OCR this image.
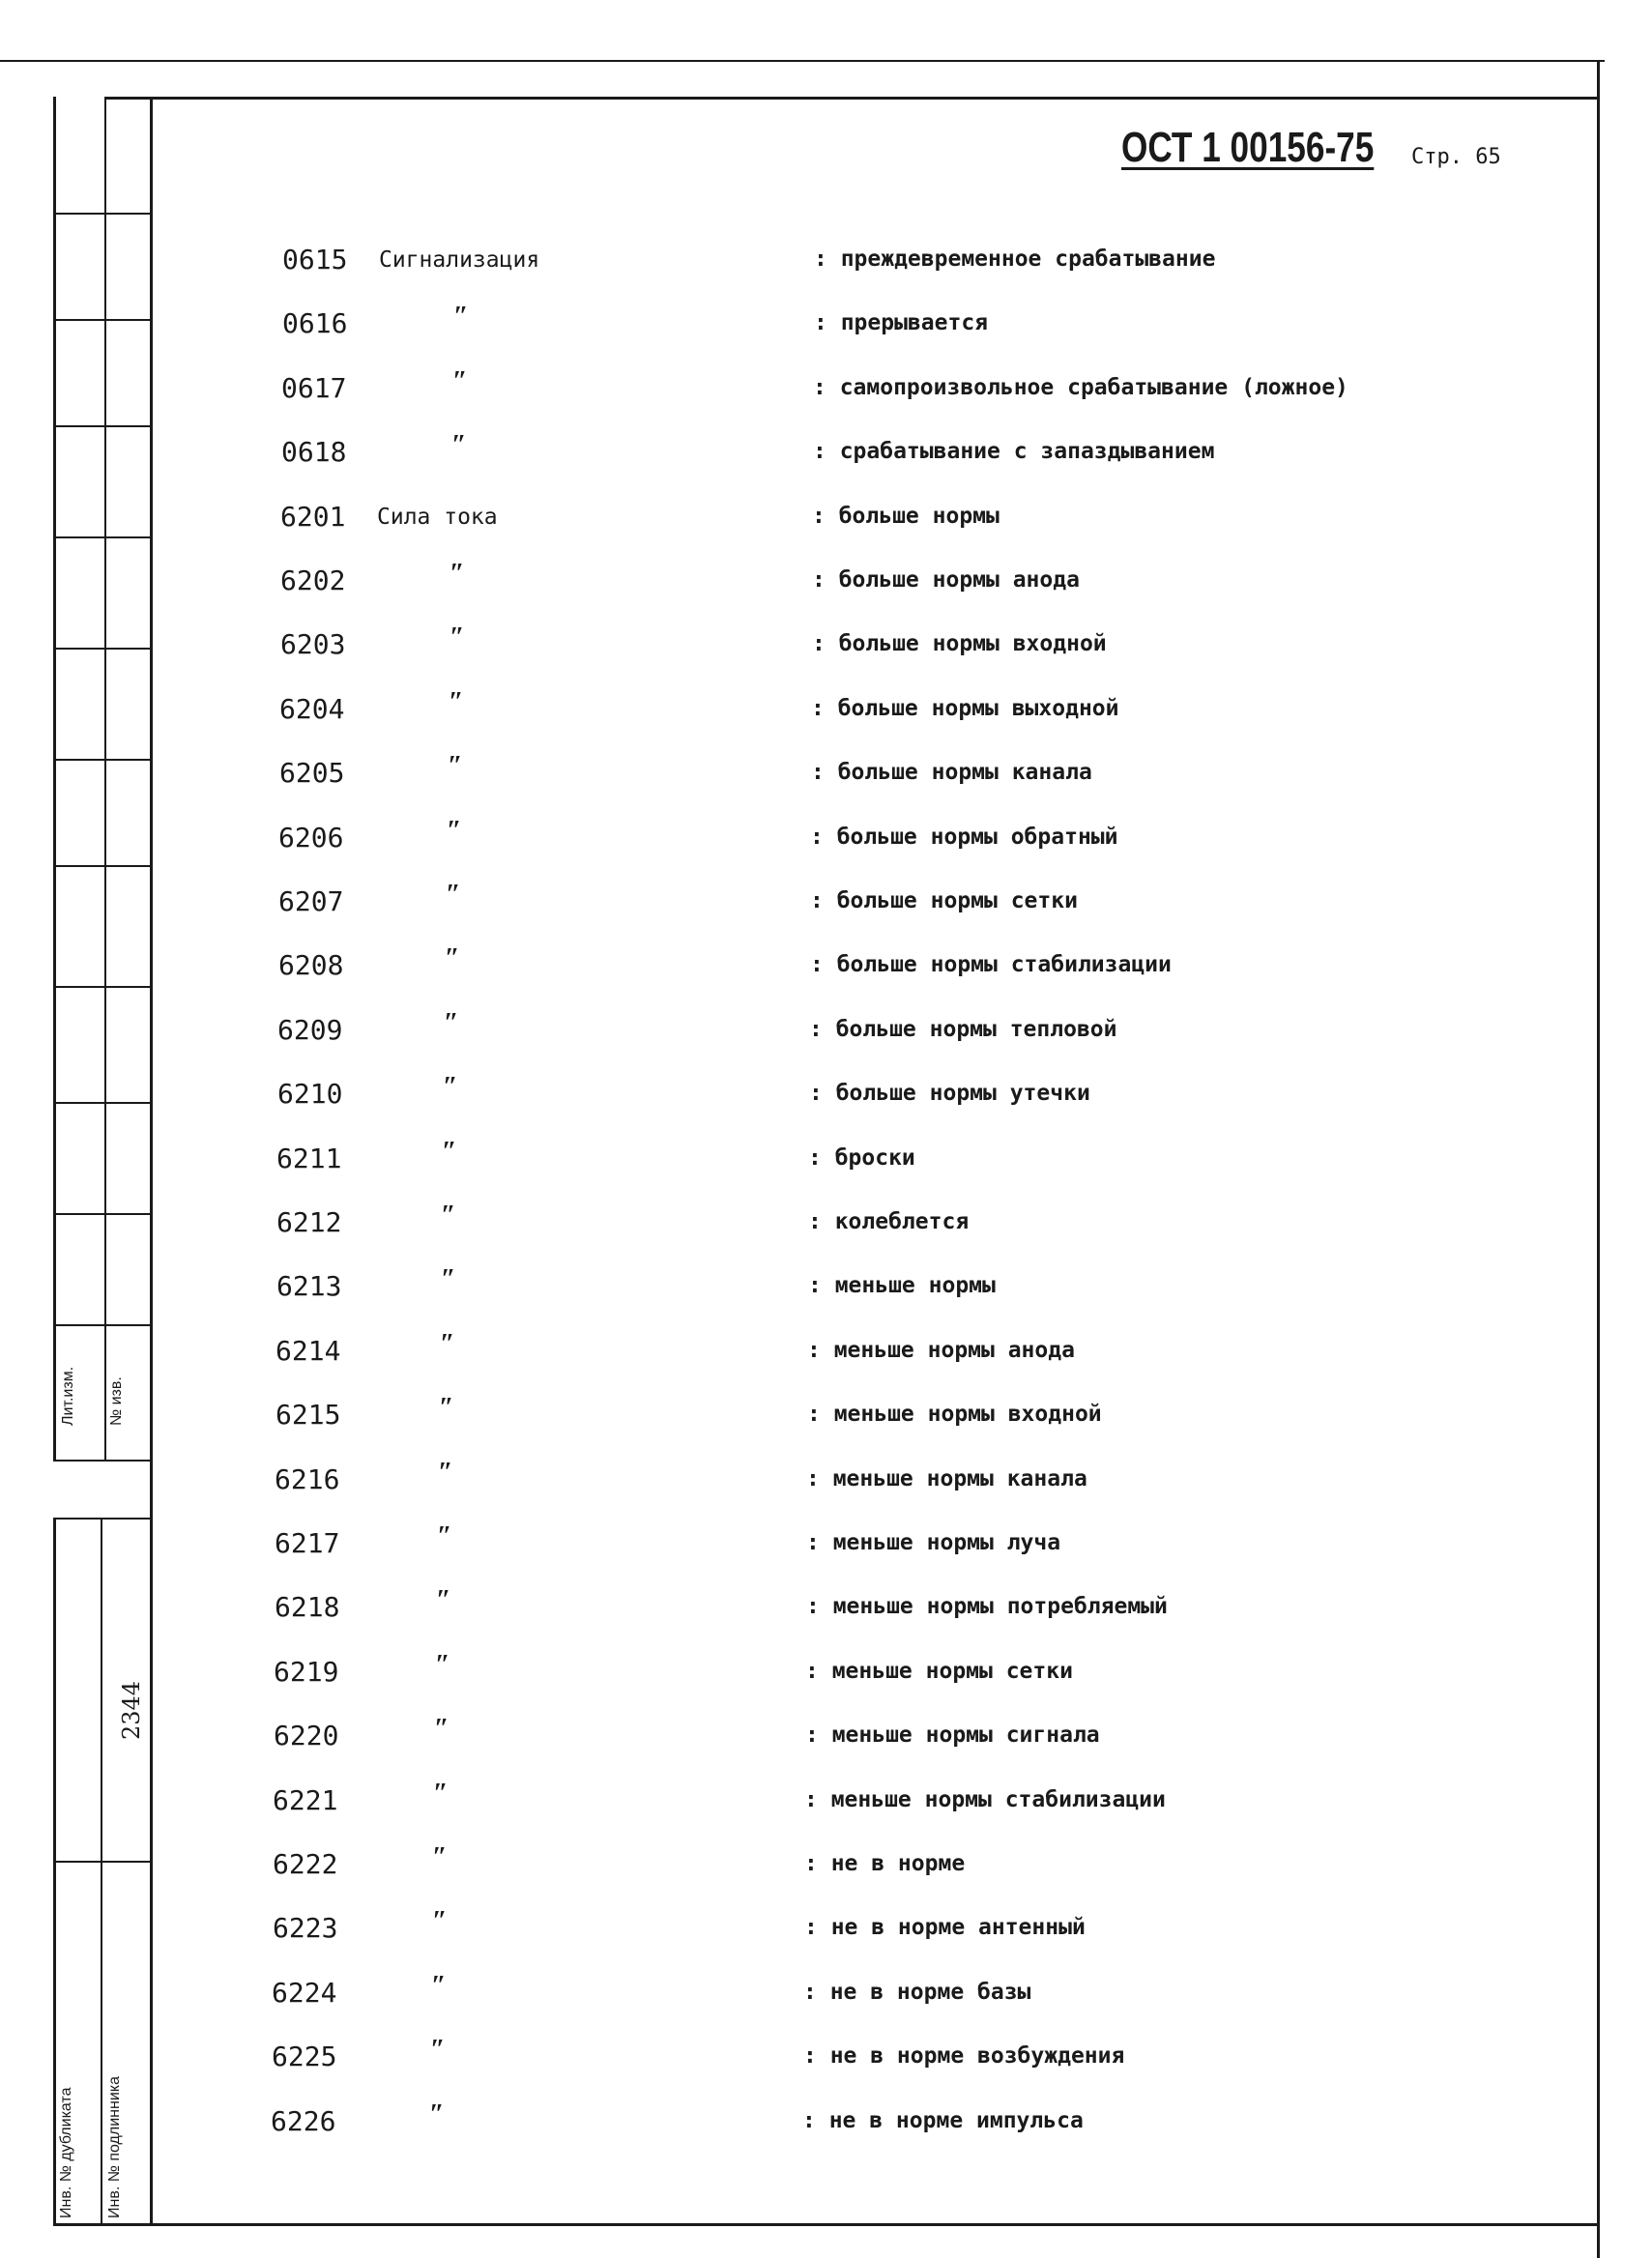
Лит.изм. № изв.
2344
Инв. № дубликата Инв. № подлинника
ОСТ 1 00156-75 Стр. 65
0615 Сигнализация	: преждевременное срабатывание
0616	″	: прерывается
0617	″	: самопроизвольное срабатывание (ложное)
0618	″	: срабатывание с запаздыванием
6201 Сила тока	: больше нормы
6202	″	: больше нормы анода
6203	″	: больше нормы входной
6204	″	: больше нормы выходной
6205	″	: больше нормы канала
6206	″	: больше нормы обратный
6207	″	: больше нормы сетки
6208	″	: больше нормы стабилизации
6209	″	: больше нормы тепловой
6210	″	: больше нормы утечки
6211	″	: броски
6212	″	: колеблется
6213	″	: меньше нормы
6214	″	: меньше нормы анода
6215	″	: меньше нормы входной
6216	″	: меньше нормы канала
6217	″	: меньше нормы луча
6218	″	: меньше нормы потребляемый
6219	″	: меньше нормы сетки
6220	″	: меньше нормы сигнала
6221	″	: меньше нормы стабилизации
6222	″	: не в норме
6223	″	: не в норме антенный
6224	″	: не в норме базы
6225	″	: не в норме возбуждения
6226	″	: не в норме импульса
